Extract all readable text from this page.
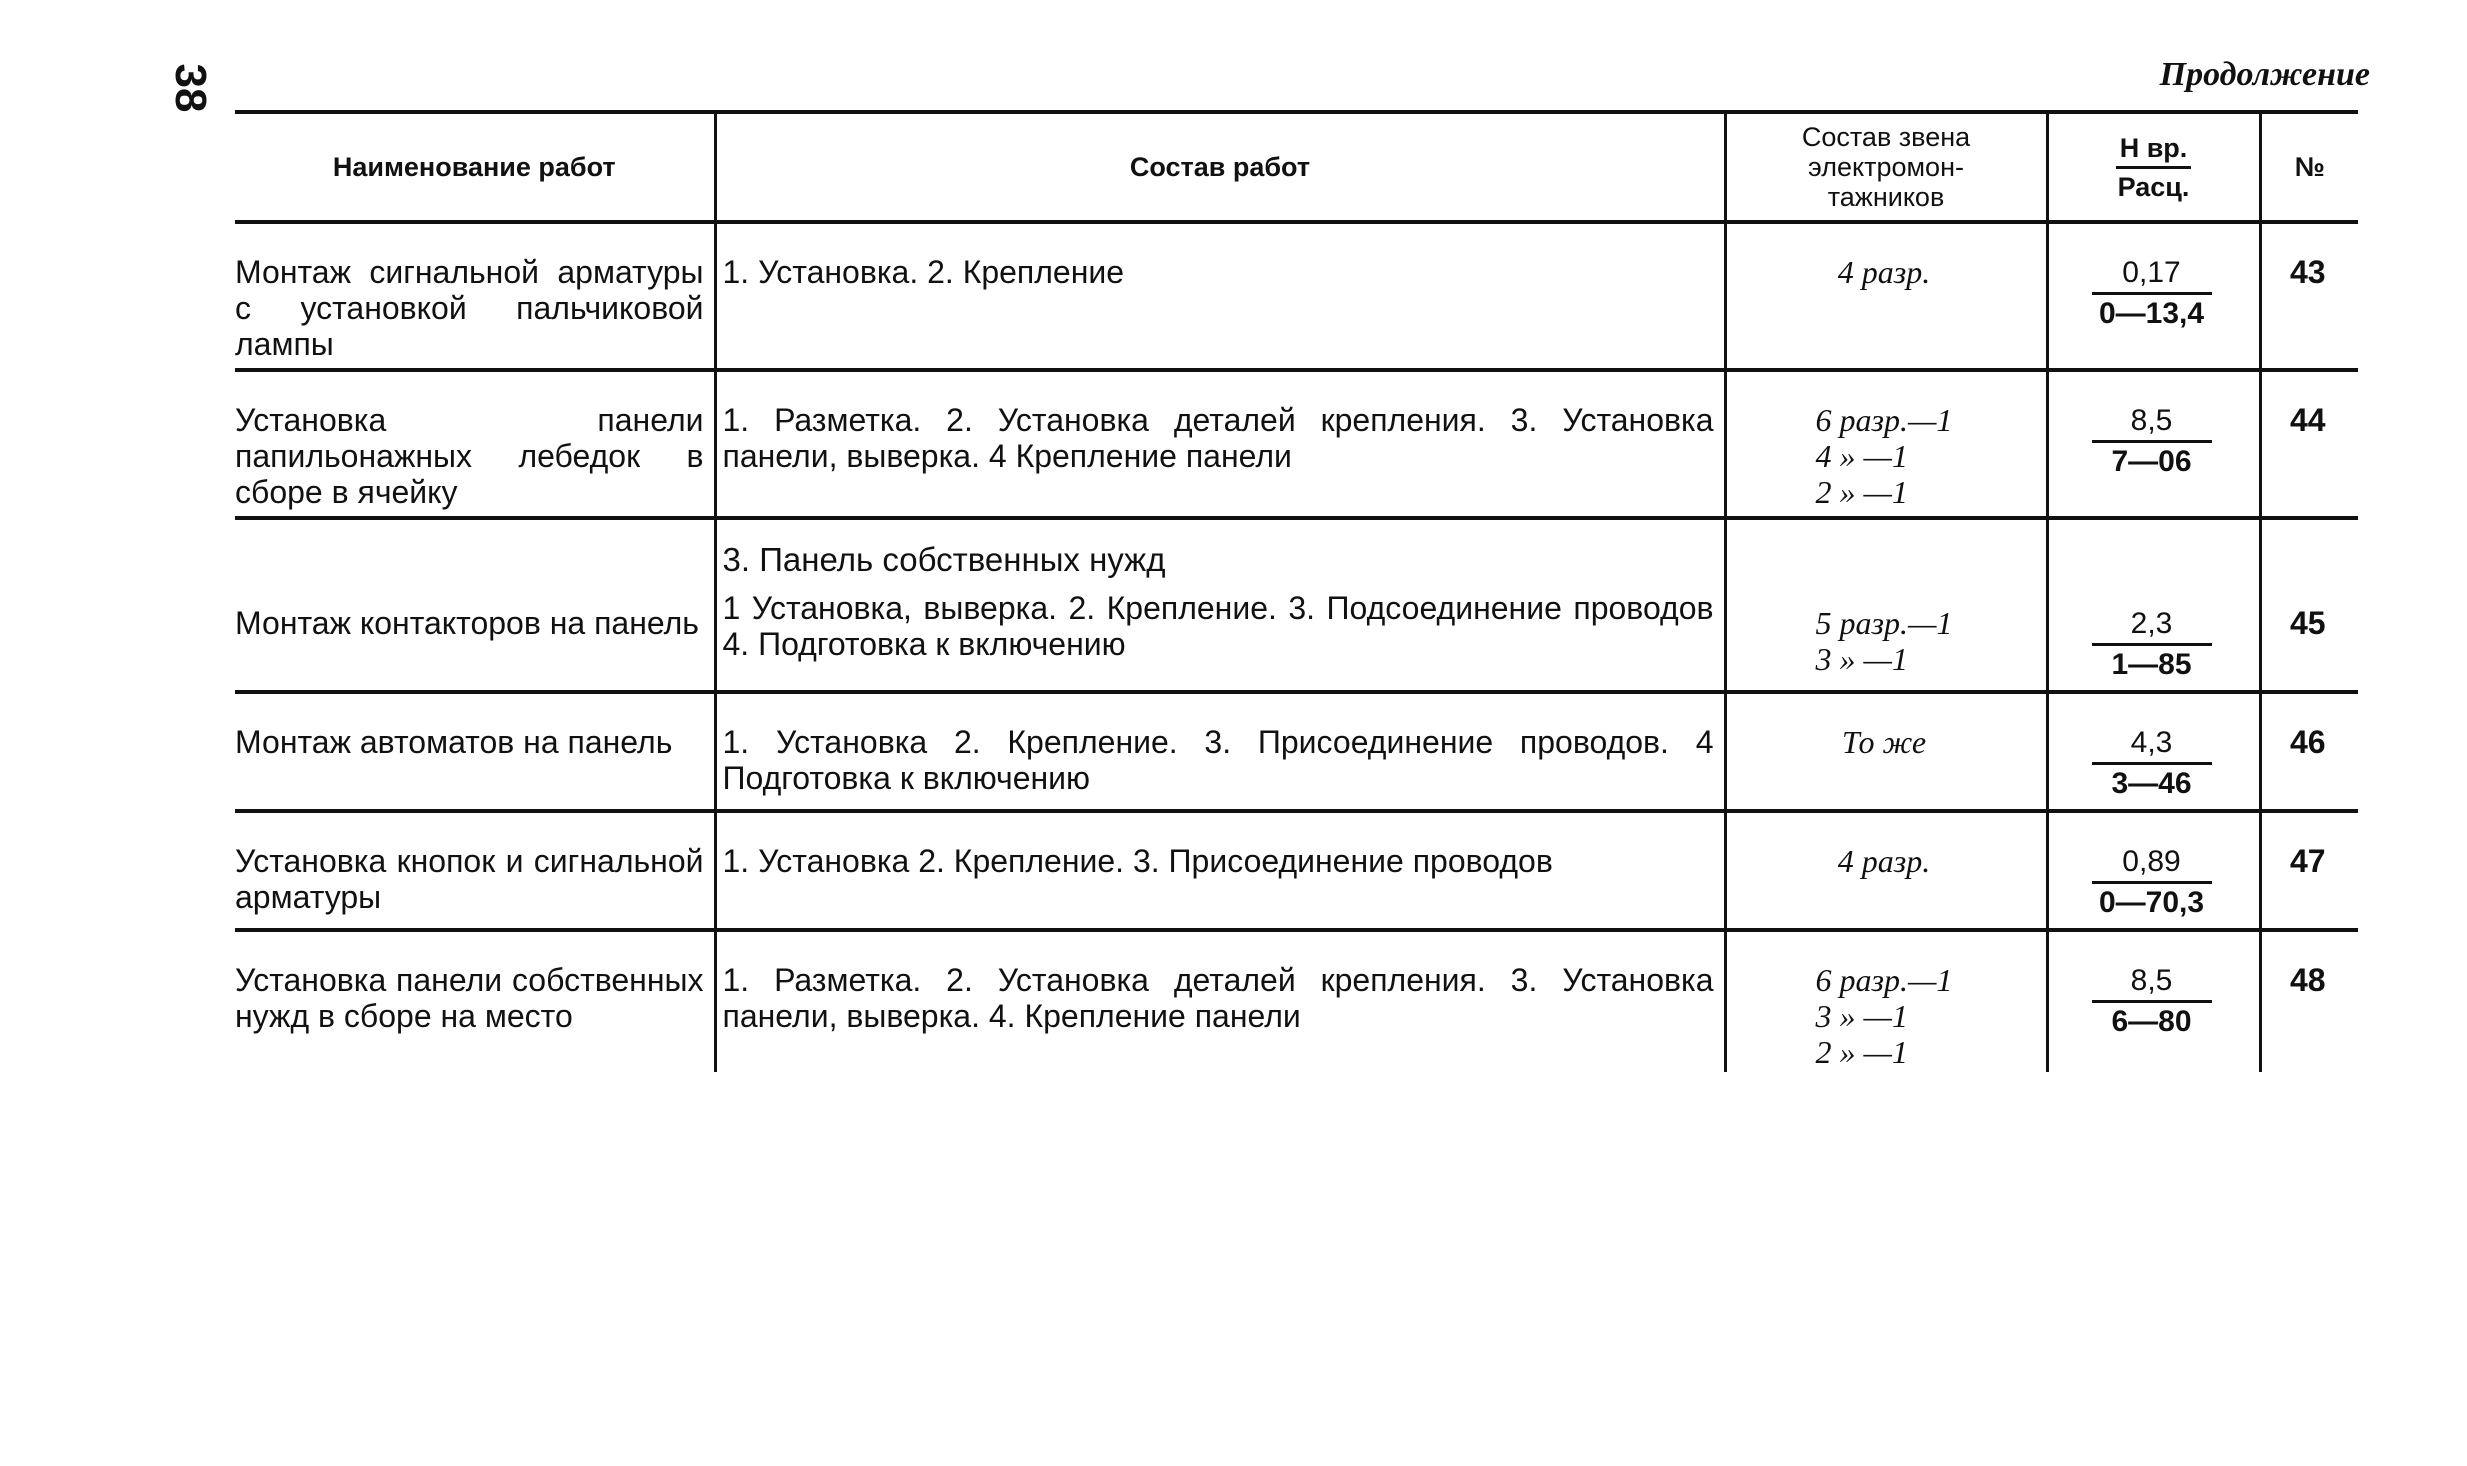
38	Продолжение
Наименование работ	Состав работ	Состав звена
электромон-
тажников	$\frac{\text{Н вр.}}{\text{Расц.}}$	№
Монтаж сигнальной арматуры с установкой пальчиковой лампы	1. Установка. 2. Крепление	4 разр.	$\frac{0,17}{0—13,4}$	43
Установка панели папильонажных лебедок в сборе в ячейку	1. Разметка. 2. Установка деталей крепления. 3. Установка панели, выверка. 4 Крепление панели	6 разр.—1
4 » —1
2 » —1	$\frac{8,5}{7—06}$	44
Монтаж контакторов на панель	3. Панель собственных нужд
1 Установка, выверка. 2. Крепление. 3. Подсоединение проводов 4. Подготовка к включению	5 разр.—1
3 » —1	$\frac{2,3}{1—85}$	45
Монтаж автоматов на панель	1. Установка 2. Крепление. 3. Присоединение проводов. 4 Подготовка к включению	То же	$\frac{4,3}{3—46}$	46
Установка кнопок и сигнальной арматуры	1. Установка 2. Крепление. 3. Присоединение проводов	4 разр.	$\frac{0,89}{0—70,3}$	47
Установка панели собственных нужд в сборе на место	1. Разметка. 2. Установка деталей крепления. 3. Установка панели, выверка. 4. Крепление панели	6 разр.—1
3 » —1
2 » —1	$\frac{8,5}{6—80}$	48
